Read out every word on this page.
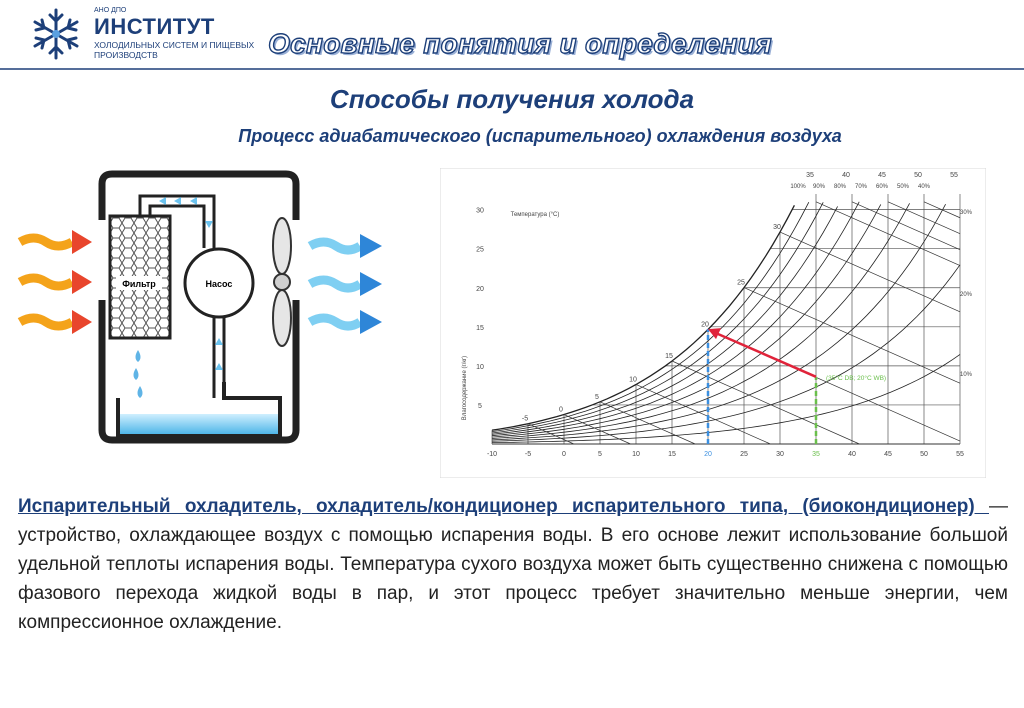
АНО ДПО
ИНСТИТУТ
ХОЛОДИЛЬНЫХ СИСТЕМ И ПИЩЕВЫХ ПРОИЗВОДСТВ	Основные понятия и определения
Способы получения холода
Процесс адиабатического (испарительного) охлаждения воздуха
Фильтр	Насос
(35°C DB; 20°C WB)
-5
0
5
10
15
20
25
30
-10	-5	0	5	10	15	20	25	30	35	40	45	50	55
5
10
15
20
25
30
35	40	45	50	55
100% 90% 80% 70% 60% 50% 40%
30%
20%
10%
Температура (°C)
Влагосодержание (г/кг)
Испарительный охладитель, охладитель/кондиционер испарительного типа, (биокондиционер) — устройство, охлаждающее воздух с помощью испарения воды. В его основе лежит использование большой удельной теплоты испарения воды. Температура сухого воздуха может быть существенно снижена с помощью фазового перехода жидкой воды в пар, и этот процесс требует значительно меньше энергии, чем компрессионное охлаждение.
